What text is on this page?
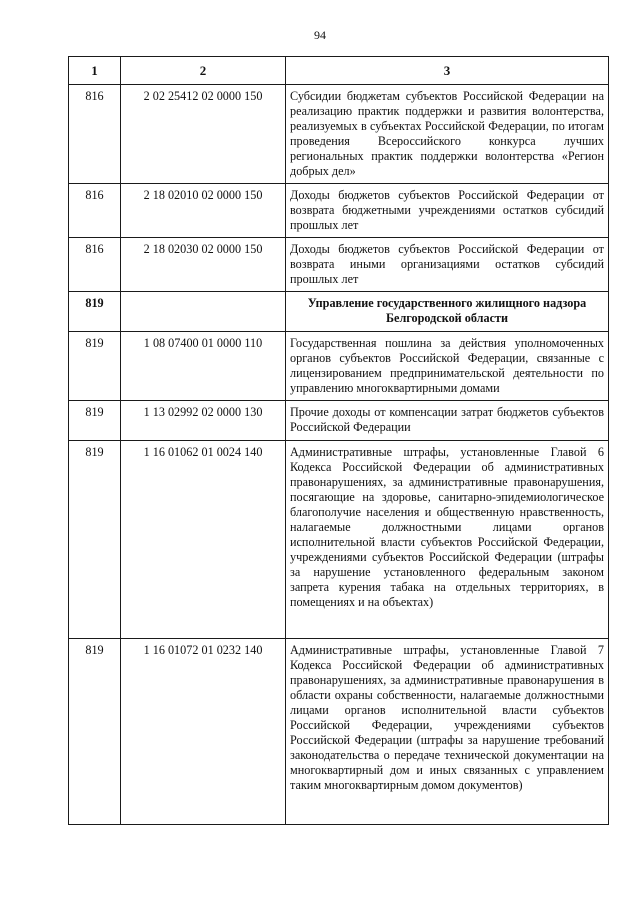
94
1	2	3
816	2 02 25412 02 0000 150	Субсидии бюджетам субъектов Российской Федерации на реализацию практик поддержки и развития волонтерства, реализуемых в субъектах Российской Федерации, по итогам проведения Всероссийского конкурса лучших региональных практик поддержки волонтерства «Регион добрых дел»
816	2 18 02010 02 0000 150	Доходы бюджетов субъектов Российской Федерации от возврата бюджетными учреждениями остатков субсидий прошлых лет
816	2 18 02030 02 0000 150	Доходы бюджетов субъектов Российской Федерации от возврата иными организациями остатков субсидий прошлых лет
819		Управление государственного жилищного надзора Белгородской области
819	1 08 07400 01 0000 110	Государственная пошлина за действия уполномоченных органов субъектов Российской Федерации, связанные с лицензированием предпринимательской деятельности по управлению многоквартирными домами
819	1 13 02992 02 0000 130	Прочие доходы от компенсации затрат бюджетов субъектов Российской Федерации
819	1 16 01062 01 0024 140	Административные штрафы, установленные Главой 6 Кодекса Российской Федерации об административных правонарушениях, за административные правонарушения, посягающие на здоровье, санитарно-эпидемиологическое благополучие населения и общественную нравственность, налагаемые должностными лицами органов исполнительной власти субъектов Российской Федерации, учреждениями субъектов Российской Федерации (штрафы за нарушение установленного федеральным законом запрета курения табака на отдельных территориях, в помещениях и на объектах)
819	1 16 01072 01 0232 140	Административные штрафы, установленные Главой 7 Кодекса Российской Федерации об административных правонарушениях, за административные правонарушения в области охраны собственности, налагаемые должностными лицами органов исполнительной власти субъектов Российской Федерации, учреждениями субъектов Российской Федерации (штрафы за нарушение требований законодательства о передаче технической документации на многоквартирный дом и иных связанных с управлением таким многоквартирным домом документов)
